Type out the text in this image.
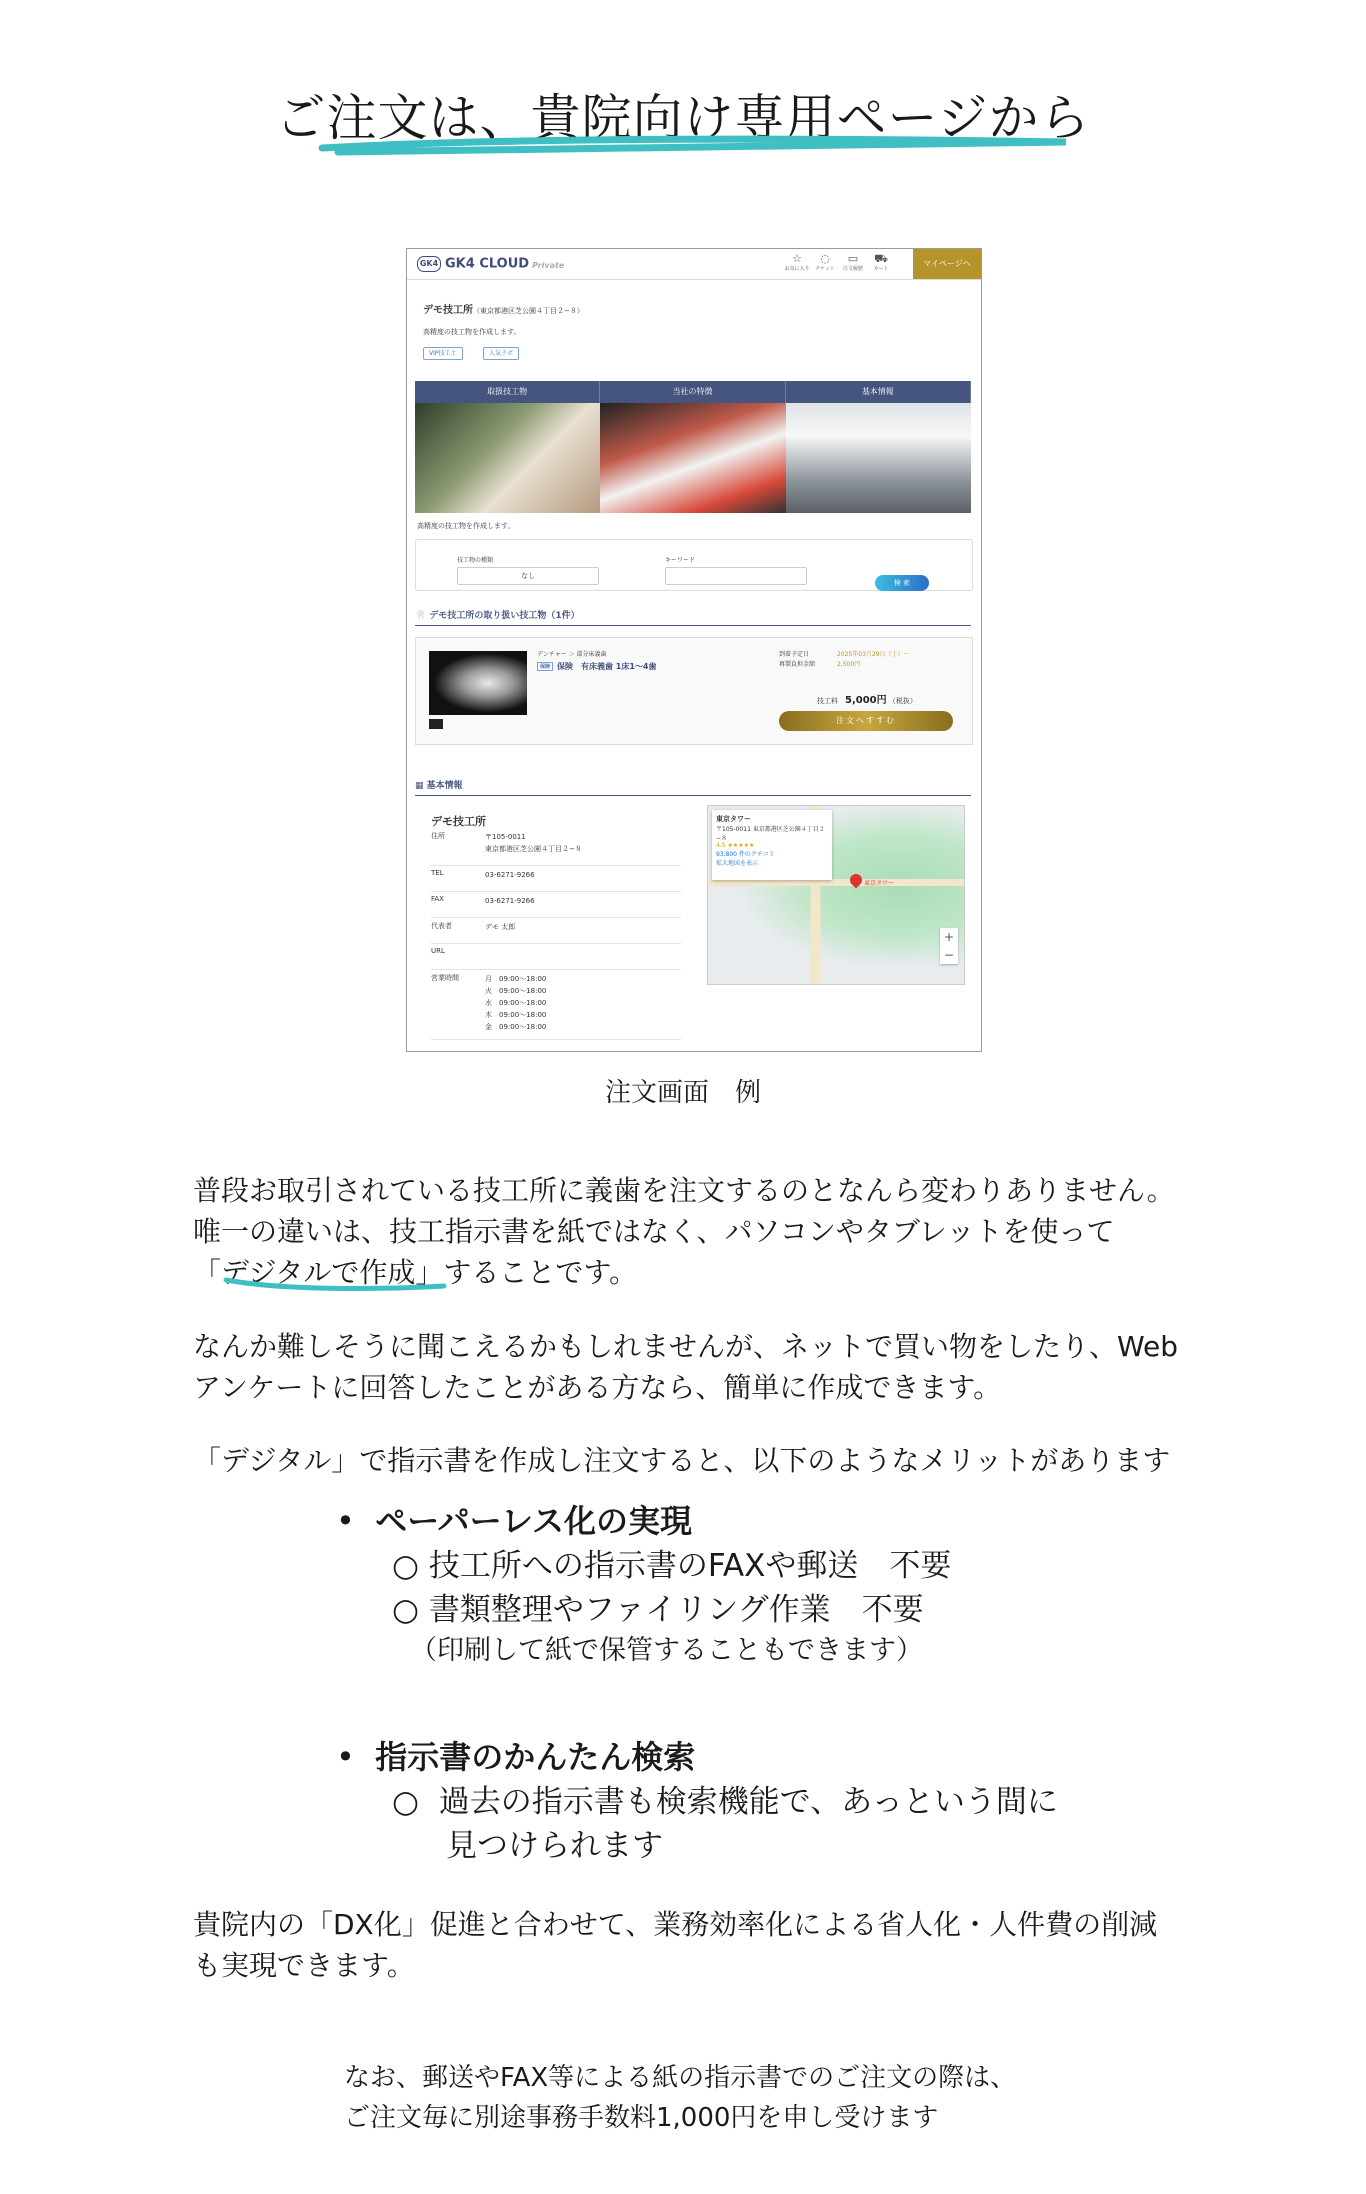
ご注文は、貴院向け専用ページから
GK4 GK4 CLOUD Private	☆
お気に入り
◌
チケット
▭
注文履歴
⛟
カート
マイページへ
デモ技工所（東京都港区芝公園４丁目２−８）
高精度の技工物を作成します。
VIP技工士	人気ラボ
取扱技工物	当社の特徴	基本情報
高精度の技工物を作成します。
技工物の種類
なし
キーワード
検 索
🦷 デモ技工所の取り扱い技工物（1件）
デンチャー ＞ 部分床義歯
保険 保険　有床義歯 1床1～4歯
到着予定日	2025年03月29日（土）～
再製負担金額	2,500円
技工料　 5,000円 （税抜）
注文へすすむ
▦ 基本情報
デモ技工所
住所	〒105-0011
東京都港区芝公園４丁目２−８
TEL	03-6271-9266
FAX	03-6271-9266
代表者	デモ 太郎
URL
営業時間	月　09:00～18:00
火　09:00～18:00
水　09:00～18:00
木　09:00～18:00
金　09:00～18:00
東京タワー
〒105-0011 東京都港区芝公園４丁目２−８
4.5 ★★★★★
93,800 件のクチコミ
拡大地図を表示
東京タワー
+
−
注文画面　例
普段お取引されている技工所に義歯を注文するのとなんら変わりありません。
唯一の違いは、技工指示書を紙ではなく、パソコンやタブレットを使って
「デジタルで作成」することです。
なんか難しそうに聞こえるかもしれませんが、ネットで買い物をしたり、Web
アンケートに回答したことがある方なら、簡単に作成できます。
「デジタル」で指示書を作成し注文すると、以下のようなメリットがあります
•  ペーパーレス化の実現
○ 技工所への指示書のFAXや郵送　不要
○ 書類整理やファイリング作業　不要
（印刷して紙で保管することもできます）
•  指示書のかんたん検索
○  過去の指示書も検索機能で、あっという間に
見つけられます
貴院内の「DX化」促進と合わせて、業務効率化による省人化・人件費の削減
も実現できます。
なお、郵送やFAX等による紙の指示書でのご注文の際は、
ご注文毎に別途事務手数料1,000円を申し受けます
